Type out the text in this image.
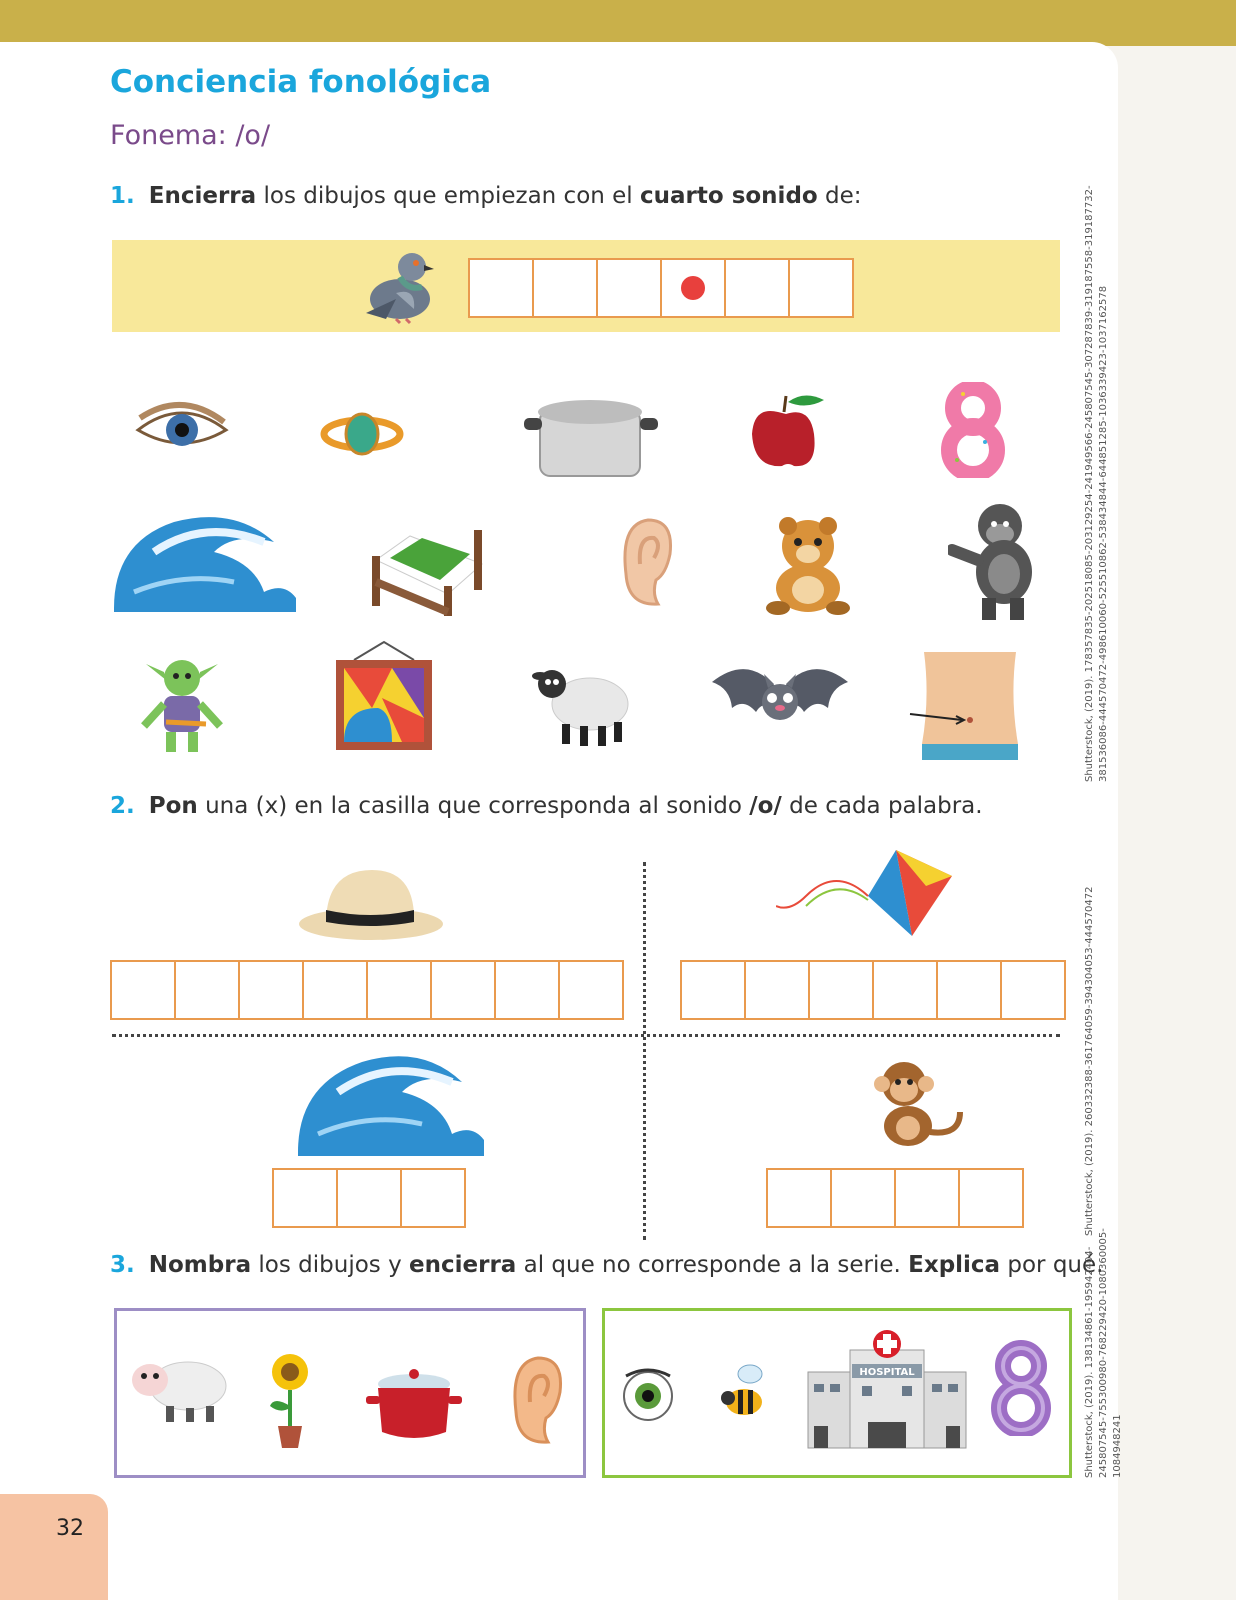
Conciencia fonológica
Fonema: /o/
1. Encierra los dibujos que empiezan con el cuarto sonido de:
2. Pon una (x) en la casilla que corresponda al sonido /o/ de cada palabra.
3. Nombra los dibujos y encierra al que no corresponde a la serie. Explica por qué.
HOSPITAL
Shutterstock, (2019). 178357835-202518085-203129254-241949566-245807545-307287839-319187558-319187732- 381536086-444570472-498610060-525510862-538434844-644851285-1036339423-1037162578
Shutterstock, (2019). 260332388-361764059-394304053-444570472
Shutterstock, (2019). 138134861-195942404- 245807545-755300980-768229420-1080360005- 1084948241
32
